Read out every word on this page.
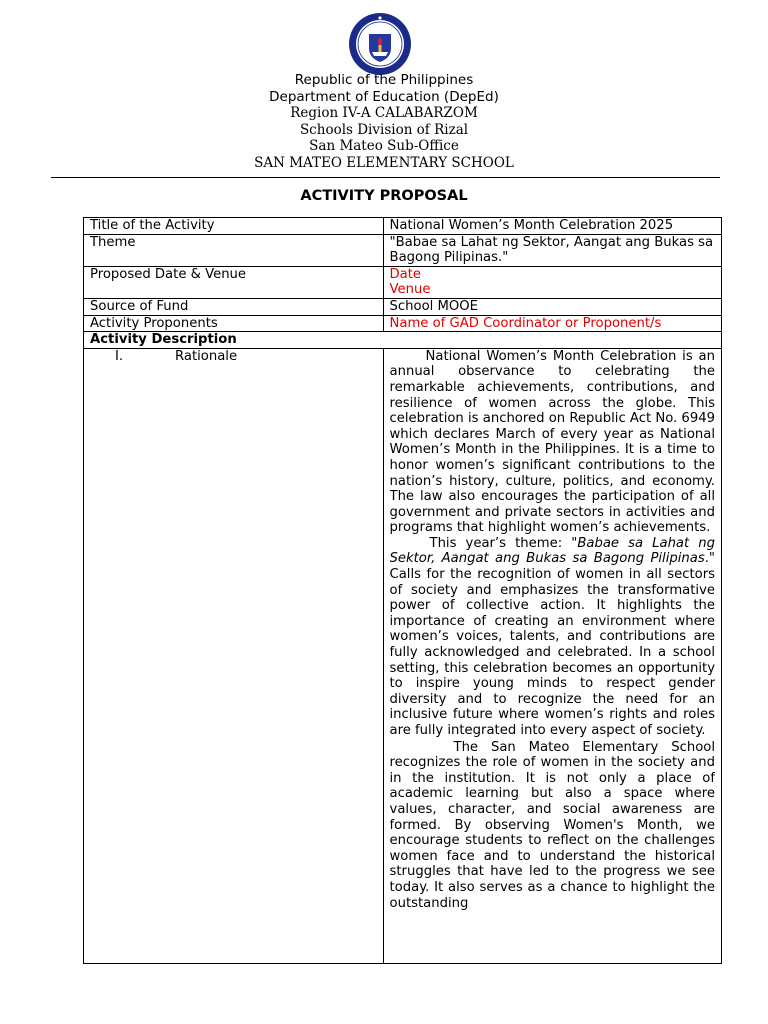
Republic of the Philippines
Department of Education (DepEd)
Region IV-A CALABARZOM
Schools Division of Rizal
San Mateo Sub-Office
SAN MATEO ELEMENTARY SCHOOL
ACTIVITY PROPOSAL
Title of the Activity	National Women’s Month Celebration 2025
Theme	"Babae sa Lahat ng Sektor, Aangat ang Bukas sa Bagong Pilipinas."
Proposed Date & Venue	Date
Venue

Source of Fund	School MOOE
Activity Proponents	Name of GAD Coordinator or Proponent/s
Activity Description	
I. Rationale	National Women’s Month Celebration is an annual observance to celebrating the remarkable achievements, contributions, and resilience of women across the globe. This celebration is anchored on Republic Act No. 6949 which declares March of every year as National Women’s Month in the Philippines. It is a time to honor women’s significant contributions to the nation’s history, culture, politics, and economy. The law also encourages the participation of all government and private sectors in activities and programs that highlight women’s achievements.

This year’s theme: "Babae sa Lahat ng Sektor, Aangat ang Bukas sa Bagong Pilipinas." Calls for the recognition of women in all sectors of society and emphasizes the transformative power of collective action. It highlights the importance of creating an environment where women’s voices, talents, and contributions are fully acknowledged and celebrated. In a school setting, this celebration becomes an opportunity to inspire young minds to respect gender diversity and to recognize the need for an inclusive future where women’s rights and roles are fully integrated into every aspect of society.

The San Mateo Elementary School recognizes the role of women in the society and in the institution. It is not only a place of academic learning but also a space where values, character, and social awareness are formed. By observing Women's Month, we encourage students to reflect on the challenges women face and to understand the historical struggles that have led to the progress we see today. It also serves as a chance to highlight the outstanding
